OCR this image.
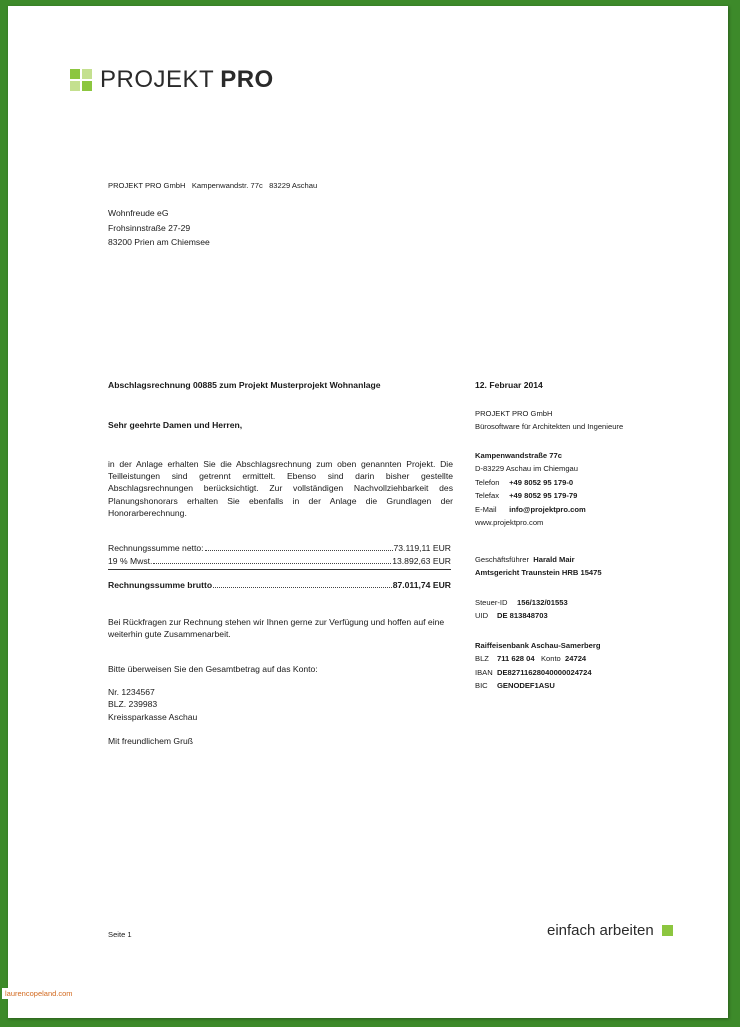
PROJEKT PRO
PROJEKT PRO GmbH   Kampenwandstr. 77c   83229 Aschau
Wohnfreude eG
Frohsinnstraße 27-29
83200 Prien am Chiemsee
Abschlagsrechnung 00885 zum Projekt Musterprojekt Wohnanlage	12. Februar 2014
Sehr geehrte Damen und Herren,
in der Anlage erhalten Sie die Abschlagsrechnung zum oben genannten Projekt. Die Teilleistungen sind getrennt ermittelt. Ebenso sind darin bisher gestellte Abschlagsrechnungen berücksichtigt. Zur vollständigen Nachvollziehbarkeit des Planungshonorars erhalten Sie ebenfalls in der Anlage die Grundlagen der Honorarberechnung.
Rechnungssumme netto:	73.119,11 EUR
19 % Mwst.	13.892,63 EUR
Rechnungssumme brutto	87.011,74 EUR
Bei Rückfragen zur Rechnung stehen wir Ihnen gerne zur Verfügung und hoffen auf eine weiterhin gute Zusammenarbeit.
Bitte überweisen Sie den Gesamtbetrag auf das Konto:
Nr. 1234567
BLZ. 239983
Kreissparkasse Aschau
Mit freundlichem Gruß
PROJEKT PRO GmbH
Bürosoftware für Architekten und Ingenieure
Kampenwandstraße 77c
D-83229 Aschau im Chiemgau
Telefon +49 8052 95 179-0
Telefax +49 8052 95 179-79
E-Mail info@projektpro.com
www.projektpro.com
Geschäftsführer Harald Mair
Amtsgericht Traunstein HRB 15475
Steuer-ID 156/132/01553
UID DE 813848703
Raiffeisenbank Aschau-Samerberg
BLZ 711 628 04 Konto 24724
IBAN DE82711628040000024724
BIC GENODEF1ASU
Seite 1	einfach arbeiten
laurencopeland.com
